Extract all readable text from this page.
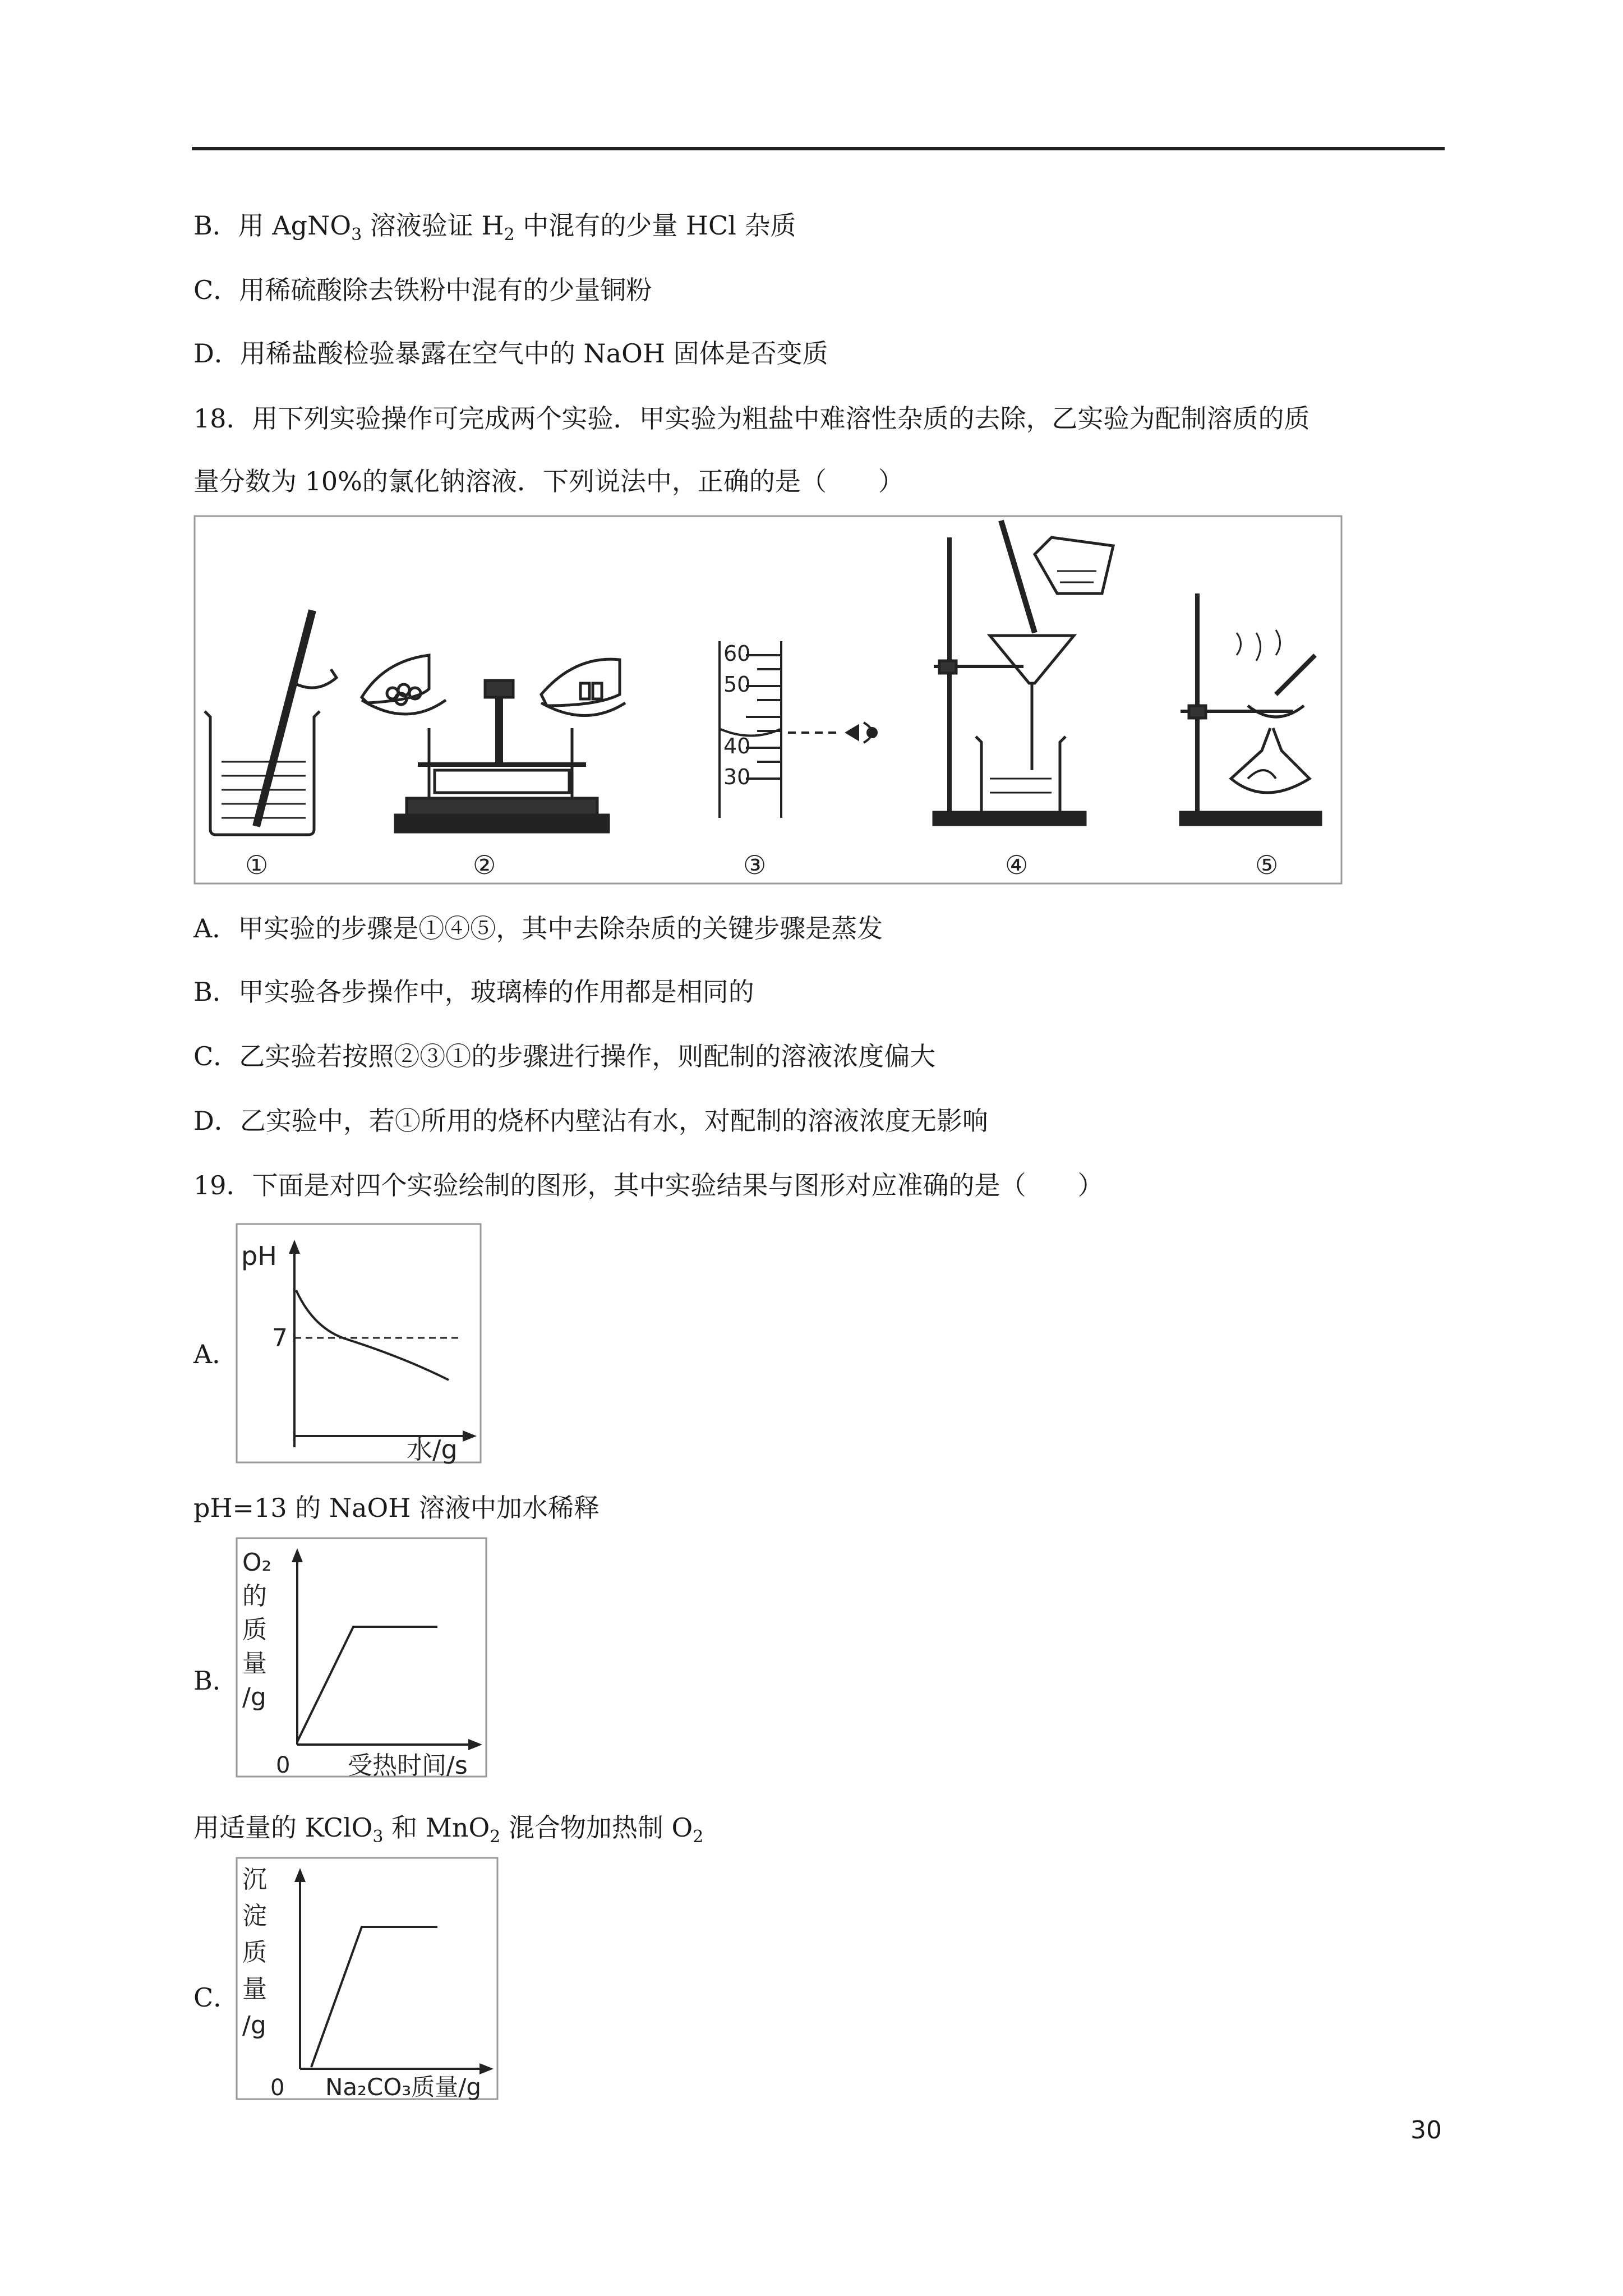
B．用 AgNO$_3$ 溶液验证 $H_2$ 中混有的少量 HCl 杂质
C．用稀硫酸除去铁粉中混有的少量铜粉
D．用稀盐酸检验暴露在空气中的 NaOH 固体是否变质
18．用下列实验操作可完成两个实验．甲实验为粗盐中难溶性杂质的去除，乙实验为配制溶质的质
量分数为 10%的氯化钠溶液．下列说法中，正确的是（　　）
①	②
60
50
40
30
③	④	⑤
A．甲实验的步骤是①④⑤，其中去除杂质的关键步骤是蒸发
B．甲实验各步操作中，玻璃棒的作用都是相同的
C．乙实验若按照②③①的步骤进行操作，则配制的溶液浓度偏大
D．乙实验中，若①所用的烧杯内壁沾有水，对配制的溶液浓度无影响
19．下面是对四个实验绘制的图形，其中实验结果与图形对应准确的是（　　）
A．
pH
7
水/g
pH=13 的 NaOH 溶液中加水稀释
B．
O₂
的
质
量
/g
0 受热时间/s
用适量的 KClO$_3$ 和 MnO$_2$ 混合物加热制 $O_2$
C．
沉
淀
质
量
/g
0 Na₂CO₃质量/g
30
